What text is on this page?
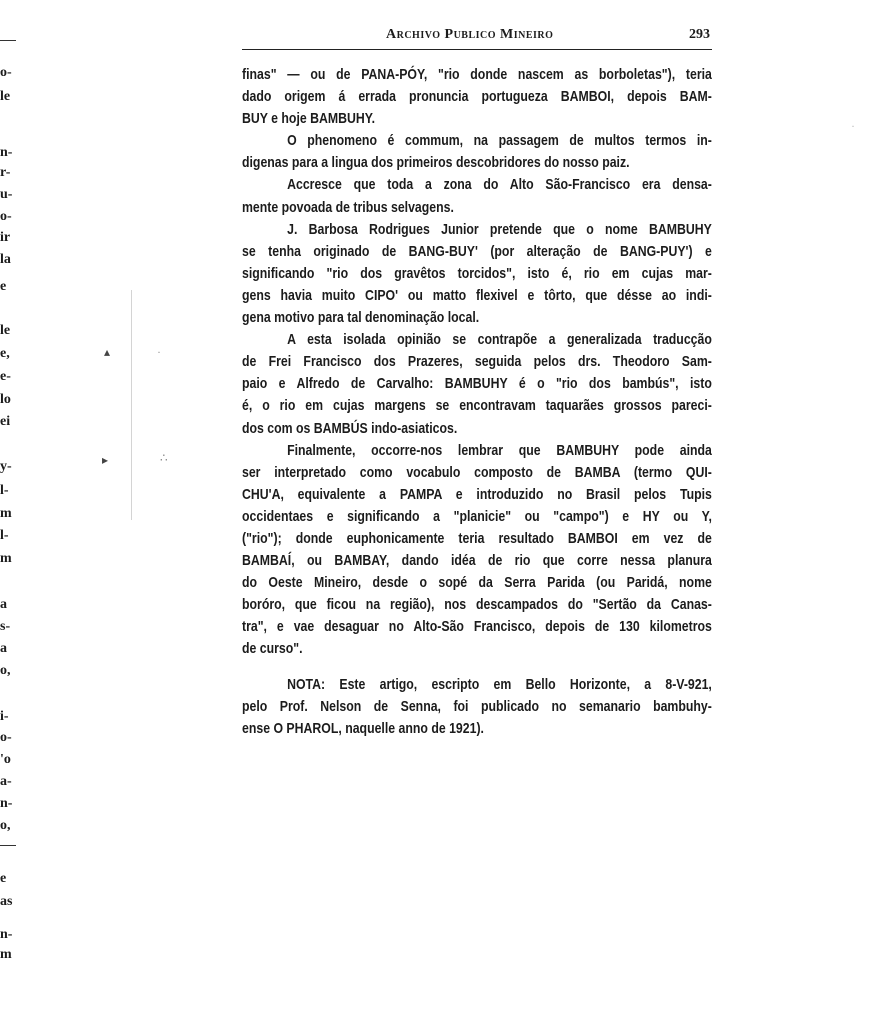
o-
le
n-
r-
u-
o-
ir
la
e
le
e,
e-
lo
ei
y-
l-
m
l-
m
a
s-
a
o,
i-
o-
'o
a-
n-
o,
e
as
n-
m
▴	·
▸	∴
·
Archivo Publico Mineiro	293
finas" — ou de PANA-PÓY, "rio donde nascem as borboletas"), teria
dado origem á errada pronuncia portugueza BAMBOI, depois BAM-
BUY e hoje BAMBUHY.
O phenomeno é commum, na passagem de multos termos in-
digenas para a lingua dos primeiros descobridores do nosso paiz.
Accresce que toda a zona do Alto São-Francisco era densa-
mente povoada de tribus selvagens.
J. Barbosa Rodrigues Junior pretende que o nome BAMBUHY
se tenha originado de BANG-BUY' (por alteração de BANG-PUY') e
significando "rio dos gravêtos torcidos", isto é, rio em cujas mar-
gens havia muito CIPO' ou matto flexivel e tôrto, que désse ao indi-
gena motivo para tal denominação local.
A esta isolada opinião se contrapõe a generalizada traducção
de Frei Francisco dos Prazeres, seguida pelos drs. Theodoro Sam-
paio e Alfredo de Carvalho: BAMBUHY é o "rio dos bambús", isto
é, o rio em cujas margens se encontravam taquarães grossos pareci-
dos com os BAMBÚS indo-asiaticos.
Finalmente, occorre-nos lembrar que BAMBUHY pode ainda
ser interpretado como vocabulo composto de BAMBA (termo QUI-
CHU'A, equivalente a PAMPA e introduzido no Brasil pelos Tupis
occidentaes e significando a "planicie" ou "campo") e HY ou Y,
("rio"); donde euphonicamente teria resultado BAMBOI em vez de
BAMBAÍ, ou BAMBAY, dando idéa de rio que corre nessa planura
do Oeste Mineiro, desde o sopé da Serra Parida (ou Paridá, nome
boróro, que ficou na região), nos descampados do "Sertão da Canas-
tra", e vae desaguar no Alto-São Francisco, depois de 130 kilometros
de curso".
NOTA: Este artigo, escripto em Bello Horizonte, a 8-V-921,
pelo Prof. Nelson de Senna, foi publicado no semanario bambuhy-
ense O PHAROL, naquelle anno de 1921).
